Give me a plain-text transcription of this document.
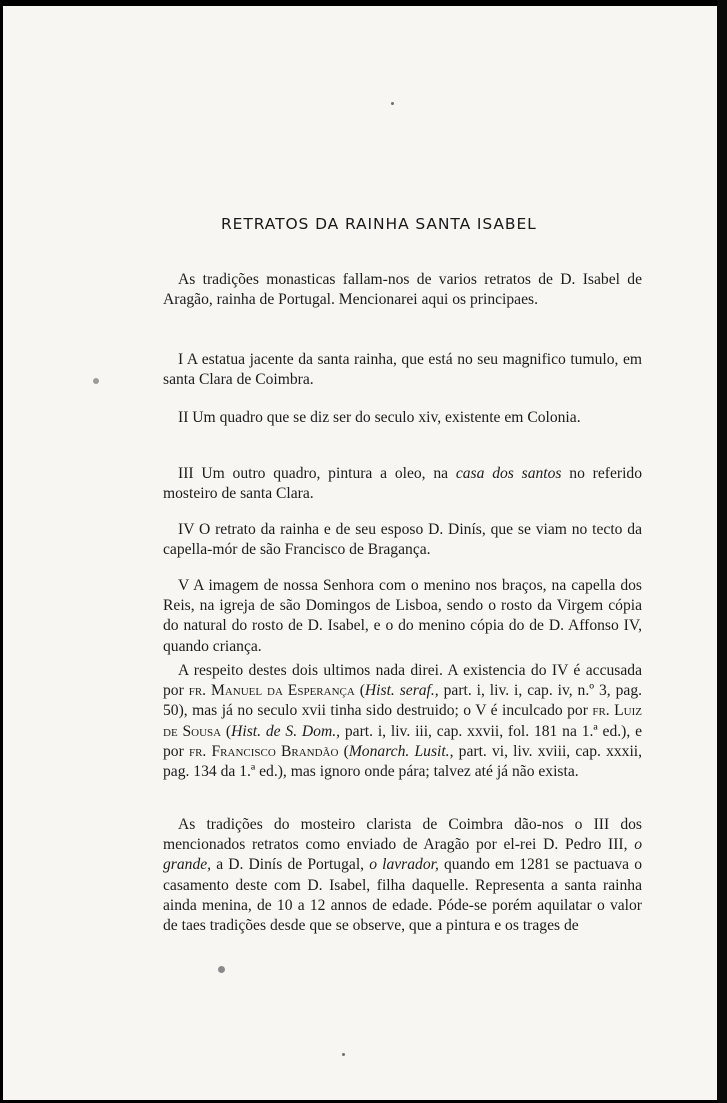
RETRATOS DA RAINHA SANTA ISABEL

As tradições monasticas fallam-nos de varios retratos de D. Isabel de Aragão, rainha de Portugal. Mencionarei aqui os principaes.

I A estatua jacente da santa rainha, que está no seu magnifico tumulo, em santa Clara de Coimbra.

II Um quadro que se diz ser do seculo xiv, existente em Colonia.

III Um outro quadro, pintura a oleo, na casa dos santos no referido mosteiro de santa Clara.

IV O retrato da rainha e de seu esposo D. Dinís, que se viam no tecto da capella-mór de são Francisco de Bragança.

V A imagem de nossa Senhora com o menino nos braços, na capella dos Reis, na igreja de são Domingos de Lisboa, sendo o rosto da Virgem cópia do natural do rosto de D. Isabel, e o do menino cópia do de D. Affonso IV, quando criança.

A respeito destes dois ultimos nada direi. A existencia do IV é accusada por fr. Manuel da Esperança (Hist. seraf., part. i, liv. i, cap. iv, n.º 3, pag. 50), mas já no seculo xvii tinha sido destruido; o V é inculcado por fr. Luiz de Sousa (Hist. de S. Dom., part. i, liv. iii, cap. xxvii, fol. 181 na 1.ª ed.), e por fr. Francisco Brandão (Monarch. Lusit., part. vi, liv. xviii, cap. xxxii, pag. 134 da 1.ª ed.), mas ignoro onde pára; talvez até já não exista.

As tradições do mosteiro clarista de Coimbra dão-nos o III dos mencionados retratos como enviado de Aragão por el-rei D. Pedro III, o grande, a D. Dinís de Portugal, o lavrador, quando em 1281 se pactuava o casamento deste com D. Isabel, filha daquelle. Representa a santa rainha ainda menina, de 10 a 12 annos de edade. Póde-se porém aquilatar o valor de taes tradições desde que se observe, que a pintura e os trages de
